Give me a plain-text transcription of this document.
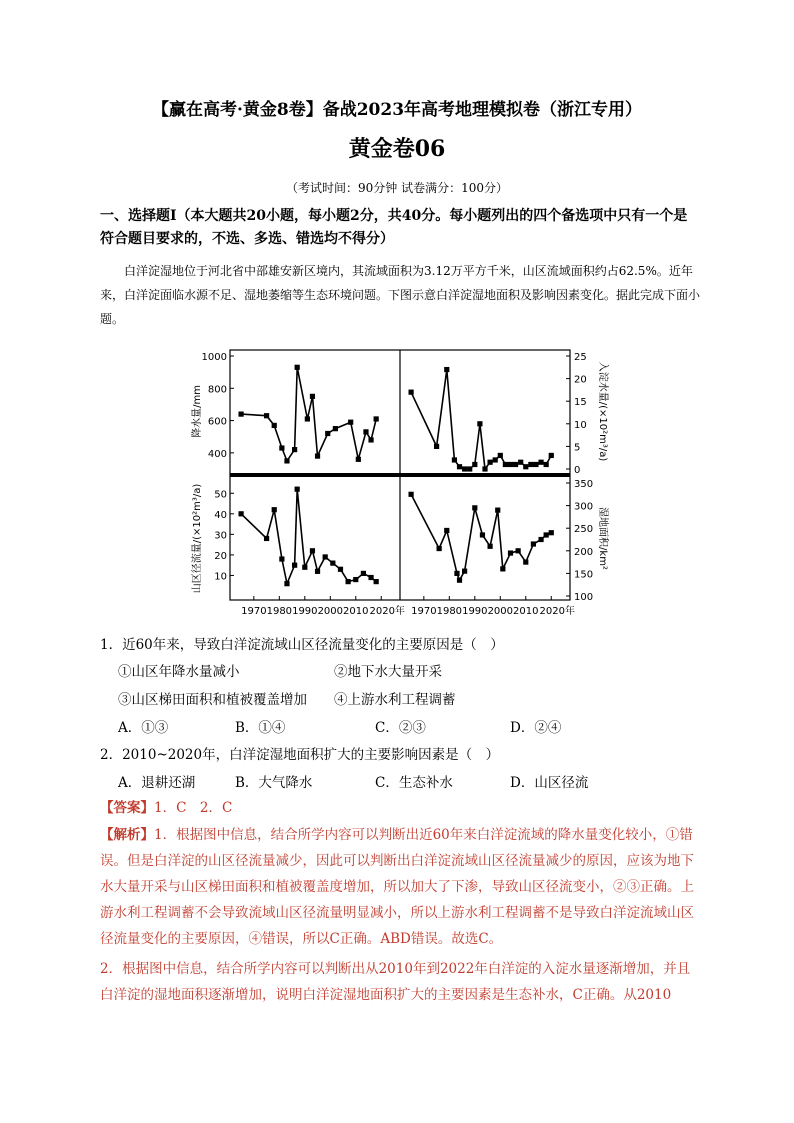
【赢在高考·黄金8卷】备战2023年高考地理模拟卷（浙江专用）
黄金卷06
（考试时间：90分钟 试卷满分：100分）
一、选择题Ⅰ（本大题共20小题，每小题2分，共40分。每小题列出的四个备选项中只有一个是符合题目要求的，不选、多选、错选均不得分）
白洋淀湿地位于河北省中部雄安新区境内，其流域面积为3.12万平方千米，山区流域面积约占62.5%。近年来，白洋淀面临水源不足、湿地萎缩等生态环境问题。下图示意白洋淀湿地面积及影响因素变化。据此完成下面小题。
1000
800
600
400
降水量/mm
25
20
15
10
5
0
入淀水量/(×10²m³/a)
50
40
30
20
10
山区径流量/(×10²m³/a)	350
300
250
200
150
100
湿地面积/km²
1970 1980 1990 2000 2010 2020年 1970 1980 1990 2000 2010 2020年
1．近60年来，导致白洋淀流域山区径流量变化的主要原因是（　）
①山区年降水量减小	②地下水大量开采
③山区梯田面积和植被覆盖增加 ④上游水利工程调蓄
A．①③	B．①④	C．②③	D．②④
2．2010~2020年，白洋淀湿地面积扩大的主要影响因素是（　）
A．退耕还湖	B．大气降水	C．生态补水	D．山区径流
【答案】1．C　2．C
【解析】1．根据图中信息，结合所学内容可以判断出近60年来白洋淀流域的降水量变化较小，①错误。但是白洋淀的山区径流量减少，因此可以判断出白洋淀流域山区径流量减少的原因，应该为地下水大量开采与山区梯田面积和植被覆盖度增加，所以加大了下渗，导致山区径流变小，②③正确。上游水利工程调蓄不会导致流域山区径流量明显减小，所以上游水利工程调蓄不是导致白洋淀流域山区径流量变化的主要原因，④错误，所以C正确。ABD错误。故选C。
2．根据图中信息，结合所学内容可以判断出从2010年到2022年白洋淀的入淀水量逐渐增加，并且白洋淀的湿地面积逐渐增加，说明白洋淀湿地面积扩大的主要因素是生态补水，C正确。从2010
